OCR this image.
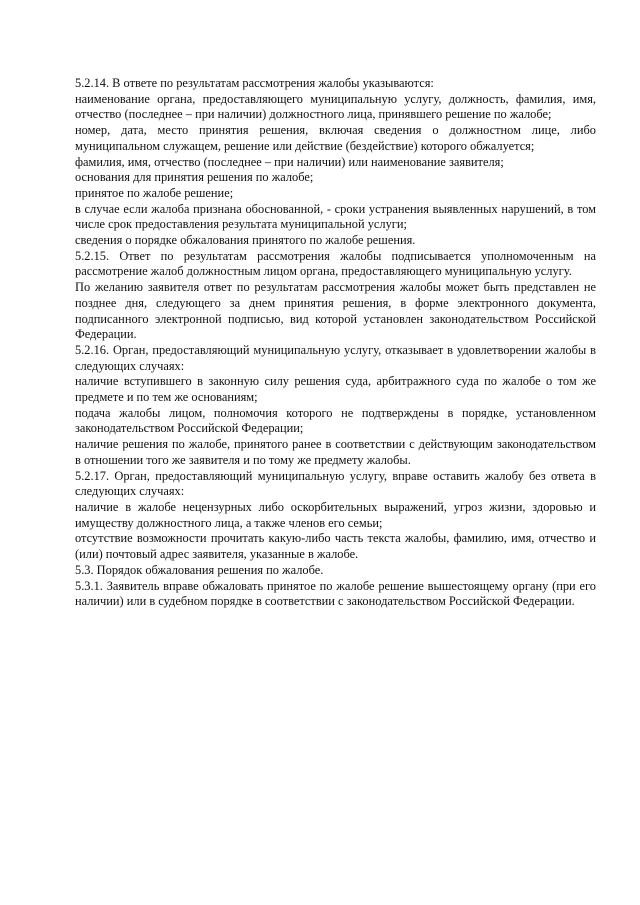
5.2.14. В ответе по результатам рассмотрения жалобы указываются:

наименование органа, предоставляющего муниципальную услугу, должность, фамилия, имя, отчество (последнее – при наличии) должностного лица, принявшего решение по жалобе;

номер, дата, место принятия решения, включая сведения о должностном лице, либо муниципальном служащем, решение или действие (бездействие) которого обжалуется;

фамилия, имя, отчество (последнее – при наличии) или наименование заявителя;

основания для принятия решения по жалобе;

принятое по жалобе решение;

в случае если жалоба признана обоснованной, - сроки устранения выявленных нарушений, в том числе срок предоставления результата муниципальной услуги;

сведения о порядке обжалования принятого по жалобе решения.

5.2.15. Ответ по результатам рассмотрения жалобы подписывается уполномоченным на рассмотрение жалоб должностным лицом органа, предоставляющего муниципальную услугу.

По желанию заявителя ответ по результатам рассмотрения жалобы может быть представлен не позднее дня, следующего за днем принятия решения, в форме электронного документа, подписанного электронной подписью, вид которой установлен законодательством Российской Федерации.

5.2.16. Орган, предоставляющий муниципальную услугу, отказывает в удовлетворении жалобы в следующих случаях:

наличие вступившего в законную силу решения суда, арбитражного суда по жалобе о том же предмете и по тем же основаниям;

подача жалобы лицом, полномочия которого не подтверждены в порядке, установленном законодательством Российской Федерации;

наличие решения по жалобе, принятого ранее в соответствии с действующим законодательством в отношении того же заявителя и по тому же предмету жалобы.

5.2.17. Орган, предоставляющий муниципальную услугу, вправе оставить жалобу без ответа в следующих случаях:

наличие в жалобе нецензурных либо оскорбительных выражений, угроз жизни, здоровью и имуществу должностного лица, а также членов его семьи;

отсутствие возможности прочитать какую-либо часть текста жалобы, фамилию, имя, отчество и (или) почтовый адрес заявителя, указанные в жалобе.

5.3. Порядок обжалования решения по жалобе.

5.3.1. Заявитель вправе обжаловать принятое по жалобе решение вышестоящему органу (при его наличии) или в судебном порядке в соответствии с законодательством Российской Федерации.
